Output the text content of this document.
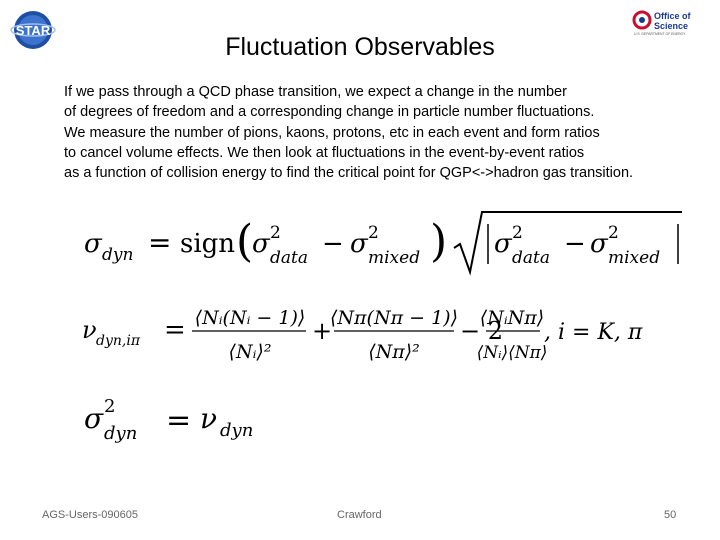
STAR
Office of
Science
U.S. DEPARTMENT OF ENERGY
Fluctuation Observables
If we pass through a QCD phase transition, we expect a change in the number
of degrees of freedom and a corresponding change in particle number fluctuations.
We measure the number of pions, kaons, protons, etc in each event and form ratios
to cancel volume effects. We then look at fluctuations in the event-by-event ratios
as a function of collision energy to find the critical point for QGP<->hadron gas transition.
σ dyn = sign (
σ 2
data − σ 2
mixed ) σ 2
data − σ 2
mixed
ν dyn,iπ = ⟨Nᵢ(Nᵢ − 1)⟩
⟨Nᵢ⟩²
+
⟨Nπ(Nπ − 1)⟩
⟨Nπ⟩²
− 2
⟨NᵢNπ⟩
⟨Nᵢ⟩⟨Nπ⟩
, i = K, π
σ 2
dyn = ν dyn
AGS-Users-090605	Crawford	50
